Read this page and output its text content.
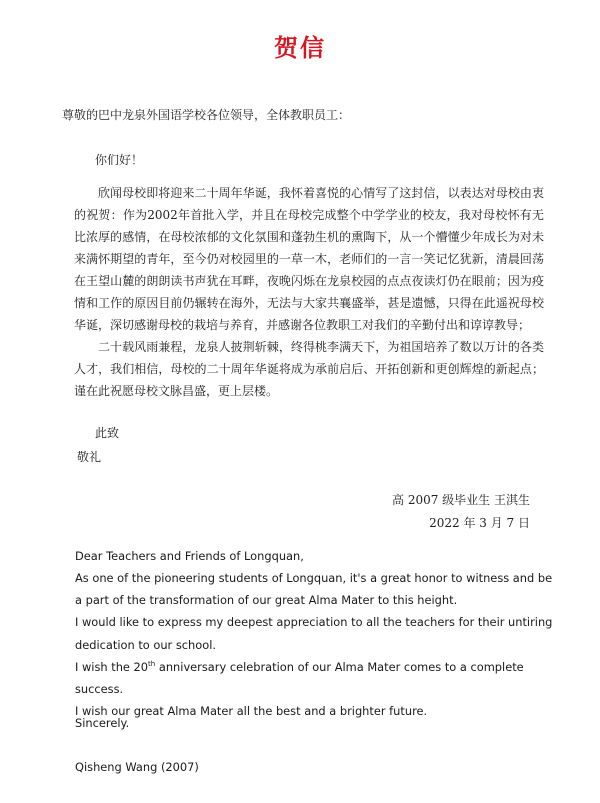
贺信
尊敬的巴中龙泉外国语学校各位领导，全体教职员工：
你们好！
欣闻母校即将迎来二十周年华诞，我怀着喜悦的心情写了这封信，以表达对母校由衷的祝贺：作为2002年首批入学，并且在母校完成整个中学学业的校友，我对母校怀有无比浓厚的感情，在母校浓郁的文化氛围和蓬勃生机的熏陶下，从一个懵懂少年成长为对未来满怀期望的青年，至今仍对校园里的一草一木，老师们的一言一笑记忆犹新，清晨回荡在王望山麓的朗朗读书声犹在耳畔，夜晚闪烁在龙泉校园的点点夜读灯仍在眼前；因为疫情和工作的原因目前仍辗转在海外，无法与大家共襄盛举，甚是遗憾，只得在此遥祝母校华诞，深切感谢母校的栽培与养育，并感谢各位教职工对我们的辛勤付出和谆谆教导；
二十载风雨兼程，龙泉人披荆斩棘，终得桃李满天下，为祖国培养了数以万计的各类人才，我们相信，母校的二十周年华诞将成为承前启后、开拓创新和更创辉煌的新起点；谨在此祝愿母校文脉昌盛，更上层楼。
此致
敬礼
高 2007 级毕业生 王淇生
2022 年 3 月 7 日
Dear Teachers and Friends of Longquan,

As one of the pioneering students of Longquan, it's a great honor to witness and be a part of the transformation of our great Alma Mater to this height.

I would like to express my deepest appreciation to all the teachers for their untiring dedication to our school.

I wish the 20th anniversary celebration of our Alma Mater comes to a complete success.

I wish our great Alma Mater all the best and a brighter future.

Sincerely.
Qisheng Wang (2007)
